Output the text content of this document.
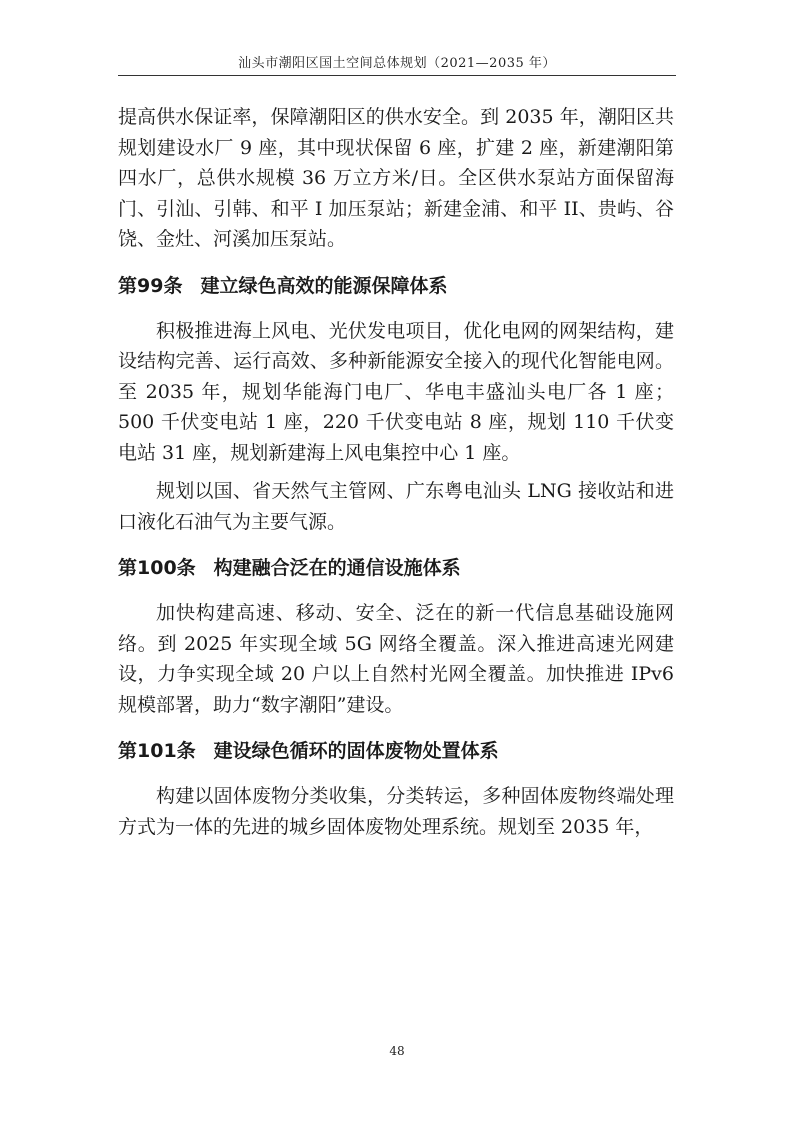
汕头市潮阳区国土空间总体规划（2021—2035 年）

提高供水保证率，保障潮阳区的供水安全。到 2035 年，潮阳区共规划建设水厂 9 座，其中现状保留 6 座，扩建 2 座，新建潮阳第四水厂，总供水规模 36 万立方米/日。全区供水泵站方面保留海门、引汕、引韩、和平 I 加压泵站；新建金浦、和平 II、贵屿、谷饶、金灶、河溪加压泵站。

第99条 建立绿色高效的能源保障体系

积极推进海上风电、光伏发电项目，优化电网的网架结构，建设结构完善、运行高效、多种新能源安全接入的现代化智能电网。至 2035 年，规划华能海门电厂、华电丰盛汕头电厂各 1 座；500 千伏变电站 1 座，220 千伏变电站 8 座，规划 110 千伏变电站 31 座，规划新建海上风电集控中心 1 座。

规划以国、省天然气主管网、广东粤电汕头 LNG 接收站和进口液化石油气为主要气源。

第100条 构建融合泛在的通信设施体系

加快构建高速、移动、安全、泛在的新一代信息基础设施网络。到 2025 年实现全域 5G 网络全覆盖。深入推进高速光网建设，力争实现全域 20 户以上自然村光网全覆盖。加快推进 IPv6 规模部署，助力“数字潮阳”建设。

第101条 建设绿色循环的固体废物处置体系

构建以固体废物分类收集，分类转运，多种固体废物终端处理方式为一体的先进的城乡固体废物处理系统。规划至 2035 年，

48
